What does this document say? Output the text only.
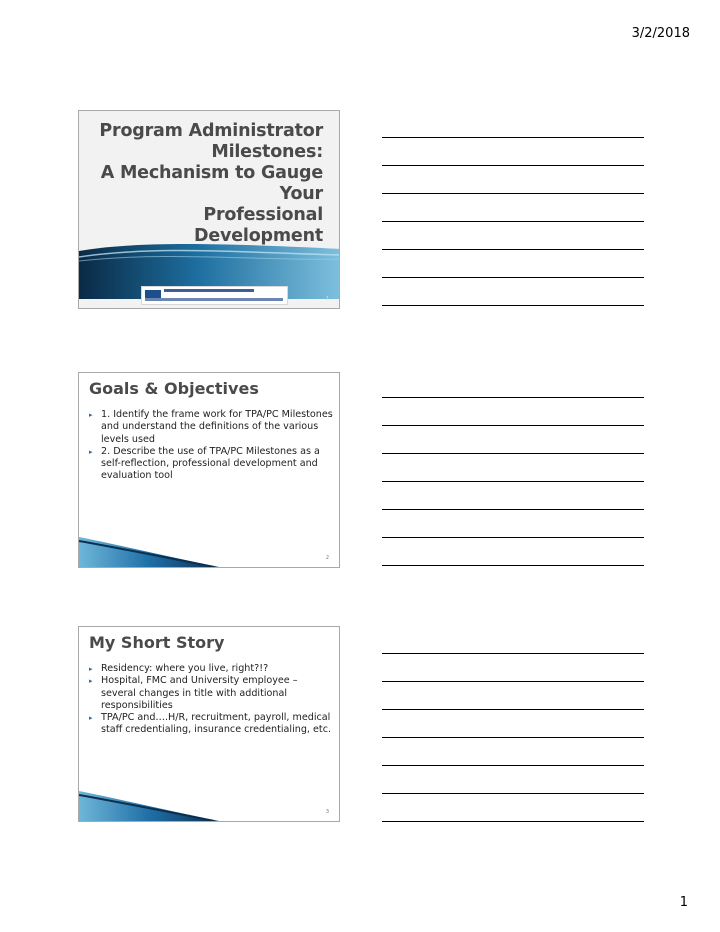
3/2/2018
Program Administrator
Milestones:
A Mechanism to Gauge Your
Professional Development
1
Goals & Objectives
▸ 1. Identify the frame work for TPA/PC Milestones and understand the definitions of the various levels used
▸ 2. Describe the use of TPA/PC Milestones as a self-reflection, professional development and evaluation tool
2
My Short Story
▸ Residency: where you live, right?!?
▸ Hospital, FMC and University employee – several changes in title with additional responsibilities
▸ TPA/PC and….H/R, recruitment, payroll, medical staff credentialing, insurance credentialing, etc.
3
1
